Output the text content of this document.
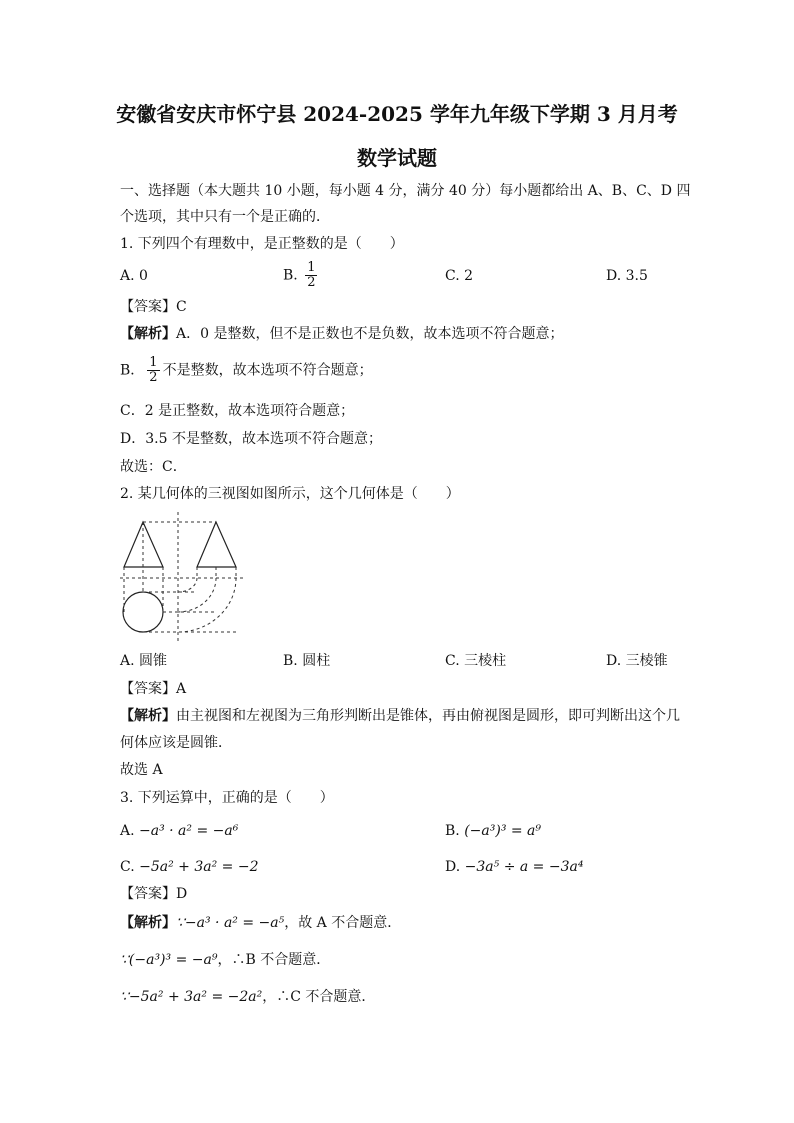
安徽省安庆市怀宁县 2024-2025 学年九年级下学期 3 月月考
数学试题
一、选择题（本大题共 10 小题，每小题 4 分，满分 40 分）每小题都给出 A、B、C、D 四
个选项，其中只有一个是正确的．
1. 下列四个有理数中，是正整数的是（　　）
A. 0	B. $\frac{1}{2}$	C. 2	D. 3.5
【答案】C
【解析】A．0 是整数，但不是正数也不是负数，故本选项不符合题意；
B． $\frac{1}{2}$ 不是整数，故本选项不符合题意；
C．2 是正整数，故本选项符合题意；
D．3.5 不是整数，故本选项不符合题意；
故选：C．
2. 某几何体的三视图如图所示，这个几何体是（　　）
A. 圆锥	B. 圆柱	C. 三棱柱	D. 三棱锥
【答案】A
【解析】由主视图和左视图为三角形判断出是锥体，再由俯视图是圆形，即可判断出这个几
何体应该是圆锥．
故选 A
3. 下列运算中，正确的是（　　）
A. −a³ · a² = −a⁶	B. (−a³)³ = a⁹
C. −5a² + 3a² = −2	D. −3a⁵ ÷ a = −3a⁴
【答案】D
【解析】∵−a³ · a² = −a⁵，故 A 不合题意．
∵(−a³)³ = −a⁹，∴B 不合题意．
∵−5a² + 3a² = −2a²，∴C 不合题意．
